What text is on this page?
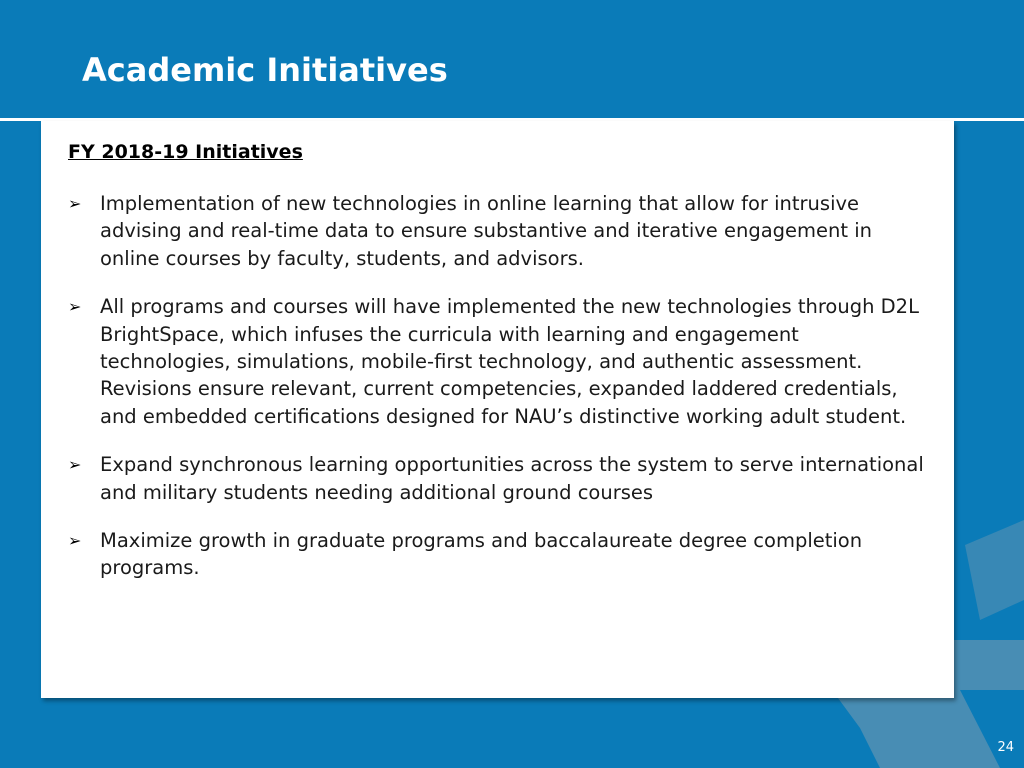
Academic Initiatives
FY 2018-19 Initiatives
➢ Implementation of new technologies in online learning that allow for intrusive advising and real-time data to ensure substantive and iterative engagement in online courses by faculty, students, and advisors.
➢ All programs and courses will have implemented the new technologies through D2L BrightSpace, which infuses the curricula with learning and engagement technologies, simulations, mobile-first technology, and authentic assessment. Revisions ensure relevant, current competencies, expanded laddered credentials, and embedded certifications designed for NAU’s distinctive working adult student.
➢ Expand synchronous learning opportunities across the system to serve international and military students needing additional ground courses
➢ Maximize growth in graduate programs and baccalaureate degree completion programs.
24
